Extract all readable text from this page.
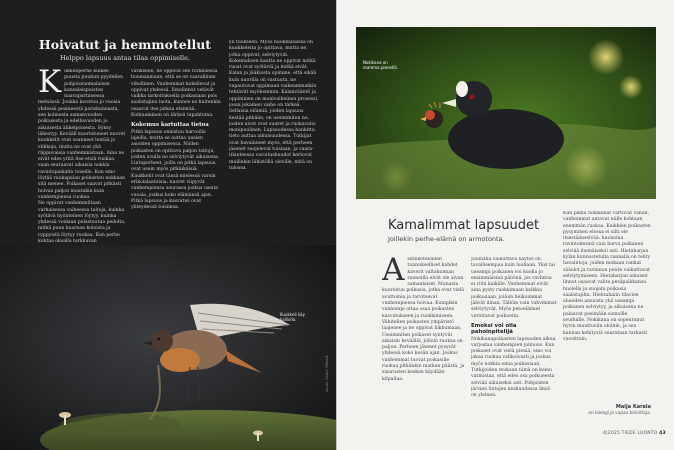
Hoivatut ja hemmotellut
Helppo lapsuus antaa tilaa oppimiselle.
K ukkeliperhe kulkee puusta puuhun pyydellen pohjoissuomalaisen kansalaispuiston naavapartaisessa metsässä. Joukko koostuu jo vuosia yhdessä pesineestä pariskunnasta, sen kolmesta samanvuoden poikasesta ja edellisvuoden jo aikuisesta älikelpoisesta. Syksy lähestyy. Kevääll kuoriutuneet nuoret kuukkelit ovat osanneet lentää jo viikkoja, mutta ne ovat yhä riippuvaisia vanhemmistaan. Aina ne eivät edes yritä itse etsiä ruokaa, vaan seuraavat aikaisia nokkia ravintopaikalta toiselle. Kun emo löytää ruokapalan poikasten nokkaan sitä menee. Poikaset saavat pitkästi hoivaa paljon muutakin kuin vanhempiensa ruokaa.

Ne oppivat vanhemmiltaan varhaisessa vaiheessa taitoja, kuinka syötävä hyönteinen löytyy, kuinka yhdessä voidaan pelastautua pedolta, mitkä puun kaarnan koloista ja ryppyistä löytyy ruokaa. Kun perhe kohtaa oksalla torkkuvan

varikseen, ne oppivat sen torkkuessa huomaamaan, että se on vaarallinen vihollinen. Vanhemmat kokeilevat ja oppivat yhdessä. Emolinnut vetävät vaikka tarkoituksella poikasiaan pois saalistajien luota, kunnes ne kuitenkin osaavat itse jatkaa etsintää. Kohtaaminen on tärkeä tapahtuma.

Kokemus kartuttaa tietoa

Pitkä lapsuus onnistuu harvoilla lajeilla, mutta se auttaa uusien asioiden oppimisessa. Niiden poikasten on opittava paljon taitoja, joiden avulla ne selviytyvät aikuisena. Lintuperheet, joilla on pitkä lapsuus, ovat usein myös pitkäikäisiä. Kuukkelit ovat tässä mielessä varsin erikoislaatuisia: nuoret viipyvät vanhempiensa seurassa joskus useita vuosia, joskus koko elämänsä ajan. Pitkä lapsuus ja kasvatus ovat yhteydessä toisiinsa.

yli tuokseen. Myös nuokkaliuissa on kuukkeleita jo opittava, mutta ne, jotka oppivat, selviytyvät. Kokemuksen kautta ne oppivat mitkä ruoat ovat syötäviä ja mitkä eivät. Kalan ja jääkiosta opimme, että sikäli kuin nuorilla on vastuuta, ne vapautuvat oppimaan vaikeammatkin tehtävät myöhemmin. Kalanvääntö ja oppiminen on monivaiheinen prosessi, jossa jokainen vaihe on tärkeä. Sellaisia eläimiä, joiden lapsuus kestää pitkään, on useimmiten ne, joiden aivot ovat suuret ja ruokavalio monipuolinen. Lapsuudessa hankittu tieto auttaa aikuisuudessa. Tutkijat ovat havainneet myös, että perheen jäsenet suojelevat toisiaan, ja vaara-tilanteessa varoitushuudot kertovat muillekin lähistöllä oleville, mitä on tulossa.

Kuukkeli käy kalliolla.
Kuvat: Sakari Mäkelä
Nokikana on mamma pienellä.
Kamalimmat lapsuudet
Joillekin perhe-elämä on armotonta.
A istinkoteloiden tunnukselliset kahdet kaverit valtakunnan rannoilla eivät ole aivan samanlaiset. Munasta kuoriutuu poikasia, jotka ovat vielä avuttomia ja tarvitsevat vanhempiensa hoivaa. Kumpikin vanhempi ottaa osaa poikasten kasvatukseen ja ruokkimiseen. Vähitellen poikasten ympäristö laajenee ja ne oppivat liikkumaan. Useimmiten poikaset syntyvät aikaisin keväällä, jolloin ruokaa on paljon. Perheen jäsenet pysyvät yhdessä koko kesän ajan. Joskus vanhemmat tuovat poikasille ruokaa pitkänkin matkan päästä, ja sisarusten kesken käydään kilpailua.

Juomalla vaikuttava käytös on tavallisempaa kuin luullaan. Yksi tai useampi poikanen voi kuolla jo ensimmäisinä päivinä, jos ravintoa ei riitä kaikille. Vanhemmat eivät aina pysty ruokkimaan kaikkia poikasiaan, jolloin heikoimmat jäävät ilman. Tällöin vain vahvimmat selviytyvät. Myös petoeläimet verottavat poikueita.

Emoksi voi olla pahoinpitelijä

Nokikanapoikasten lapsuuden alkua varjostaa vanhempien julmuus. Kun poikaset ovat vielä pieniä, emo voi jakaa ruokaa valikoivasti ja joskus myös nokkia omia poikasiaan. Tutkijoiden mukaan tämä on keino varmistaa, että edes osa poikueesta selviää aikuiseksi asti. Pohjoisten järvien lintujen keskuudessa ilmiö on yleinen.

Kun pikku nokikanat vartuvat vähän, vanhemmat antavat niille kohtaan enemmän ruokaa. Kaikkien poikasten pysyminen elossa ei silti ole itsestäänselvää: huonoina ravintokesinä vain harva poikanen selviää itsenäiseksi asti. Hietaharjan kylän kunnostetulla rannalla on tehty havaintoja, joiden mukaan rankat sääolot ja ravinnon puute vaikuttavat selviytymiseen. Hietaharjan aikuiset linnut osaavat valita pesäpaikkansa huolella ja suojata poikasia saalistajilta. Hiehtahaiin tilavien alueiden ansiosta yhä useampi poikanen selviytyy, ja aikuisena ne palaavat pesimään samoille seuduille. Nokikana on sopeutunut hyvin muuttuviin oloihin, ja sen kannan kehitystä seurataan tarkasti vuosittain.

Maija Karala
on biologi ja vapaa toimittaja.
4|2025 TIEDE LUONTO 43
